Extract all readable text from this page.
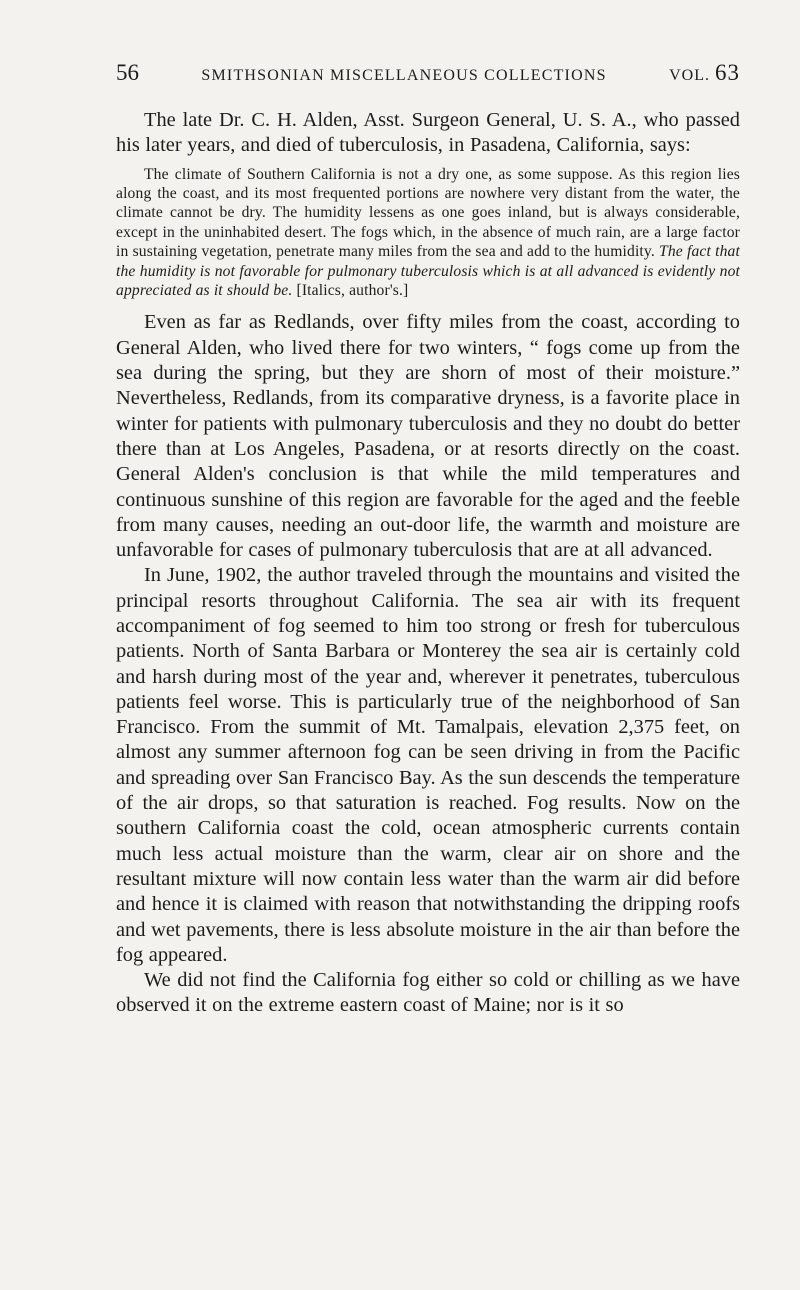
56	SMITHSONIAN MISCELLANEOUS COLLECTIONS	VOL. 63

The late Dr. C. H. Alden, Asst. Surgeon General, U. S. A., who passed his later years, and died of tuberculosis, in Pasadena, California, says:

The climate of Southern California is not a dry one, as some suppose. As this region lies along the coast, and its most frequented portions are nowhere very distant from the water, the climate cannot be dry. The humidity lessens as one goes inland, but is always considerable, except in the uninhabited desert. The fogs which, in the absence of much rain, are a large factor in sustaining vegetation, penetrate many miles from the sea and add to the humidity. The fact that the humidity is not favorable for pulmonary tuberculosis which is at all advanced is evidently not appreciated as it should be. [Italics, author's.]

Even as far as Redlands, over fifty miles from the coast, according to General Alden, who lived there for two winters, “ fogs come up from the sea during the spring, but they are shorn of most of their moisture.” Nevertheless, Redlands, from its comparative dryness, is a favorite place in winter for patients with pulmonary tuberculosis and they no doubt do better there than at Los Angeles, Pasadena, or at resorts directly on the coast. General Alden's conclusion is that while the mild temperatures and continuous sunshine of this region are favorable for the aged and the feeble from many causes, needing an out-door life, the warmth and moisture are unfavorable for cases of pulmonary tuberculosis that are at all advanced.

In June, 1902, the author traveled through the mountains and visited the principal resorts throughout California. The sea air with its frequent accompaniment of fog seemed to him too strong or fresh for tuberculous patients. North of Santa Barbara or Monterey the sea air is certainly cold and harsh during most of the year and, wherever it penetrates, tuberculous patients feel worse. This is particularly true of the neighborhood of San Francisco. From the summit of Mt. Tamalpais, elevation 2,375 feet, on almost any summer afternoon fog can be seen driving in from the Pacific and spreading over San Francisco Bay. As the sun descends the temperature of the air drops, so that saturation is reached. Fog results. Now on the southern California coast the cold, ocean atmospheric currents contain much less actual moisture than the warm, clear air on shore and the resultant mixture will now contain less water than the warm air did before and hence it is claimed with reason that notwithstanding the dripping roofs and wet pavements, there is less absolute moisture in the air than before the fog appeared.

We did not find the California fog either so cold or chilling as we have observed it on the extreme eastern coast of Maine; nor is it so
